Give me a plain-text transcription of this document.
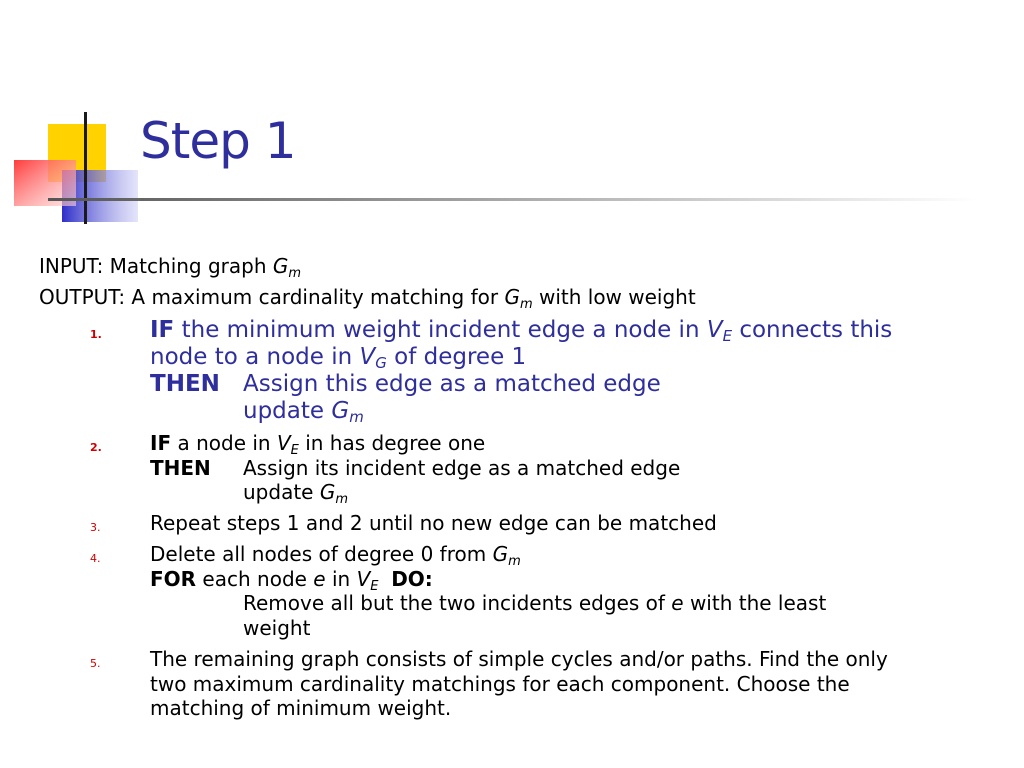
Step 1
INPUT: Matching graph $G_m$
OUTPUT: A maximum cardinality matching for $G_m$ with low weight
1. IF the minimum weight incident edge a node in $V_E$ connects this
node to a node in $V_G$ of degree 1
THEN	Assign this edge as a matched edge
update $G_m$
2. IF a node in $V_E$ in has degree one
THEN	Assign its incident edge as a matched edge
update $G_m$
3. Repeat steps 1 and 2 until no new edge can be matched
4. Delete all nodes of degree 0 from $G_m$
FOR each node e in $V_E$ DO:
Remove all but the two incidents edges of e with the least
weight
5. The remaining graph consists of simple cycles and/or paths. Find the only
two maximum cardinality matchings for each component. Choose the
matching of minimum weight.
